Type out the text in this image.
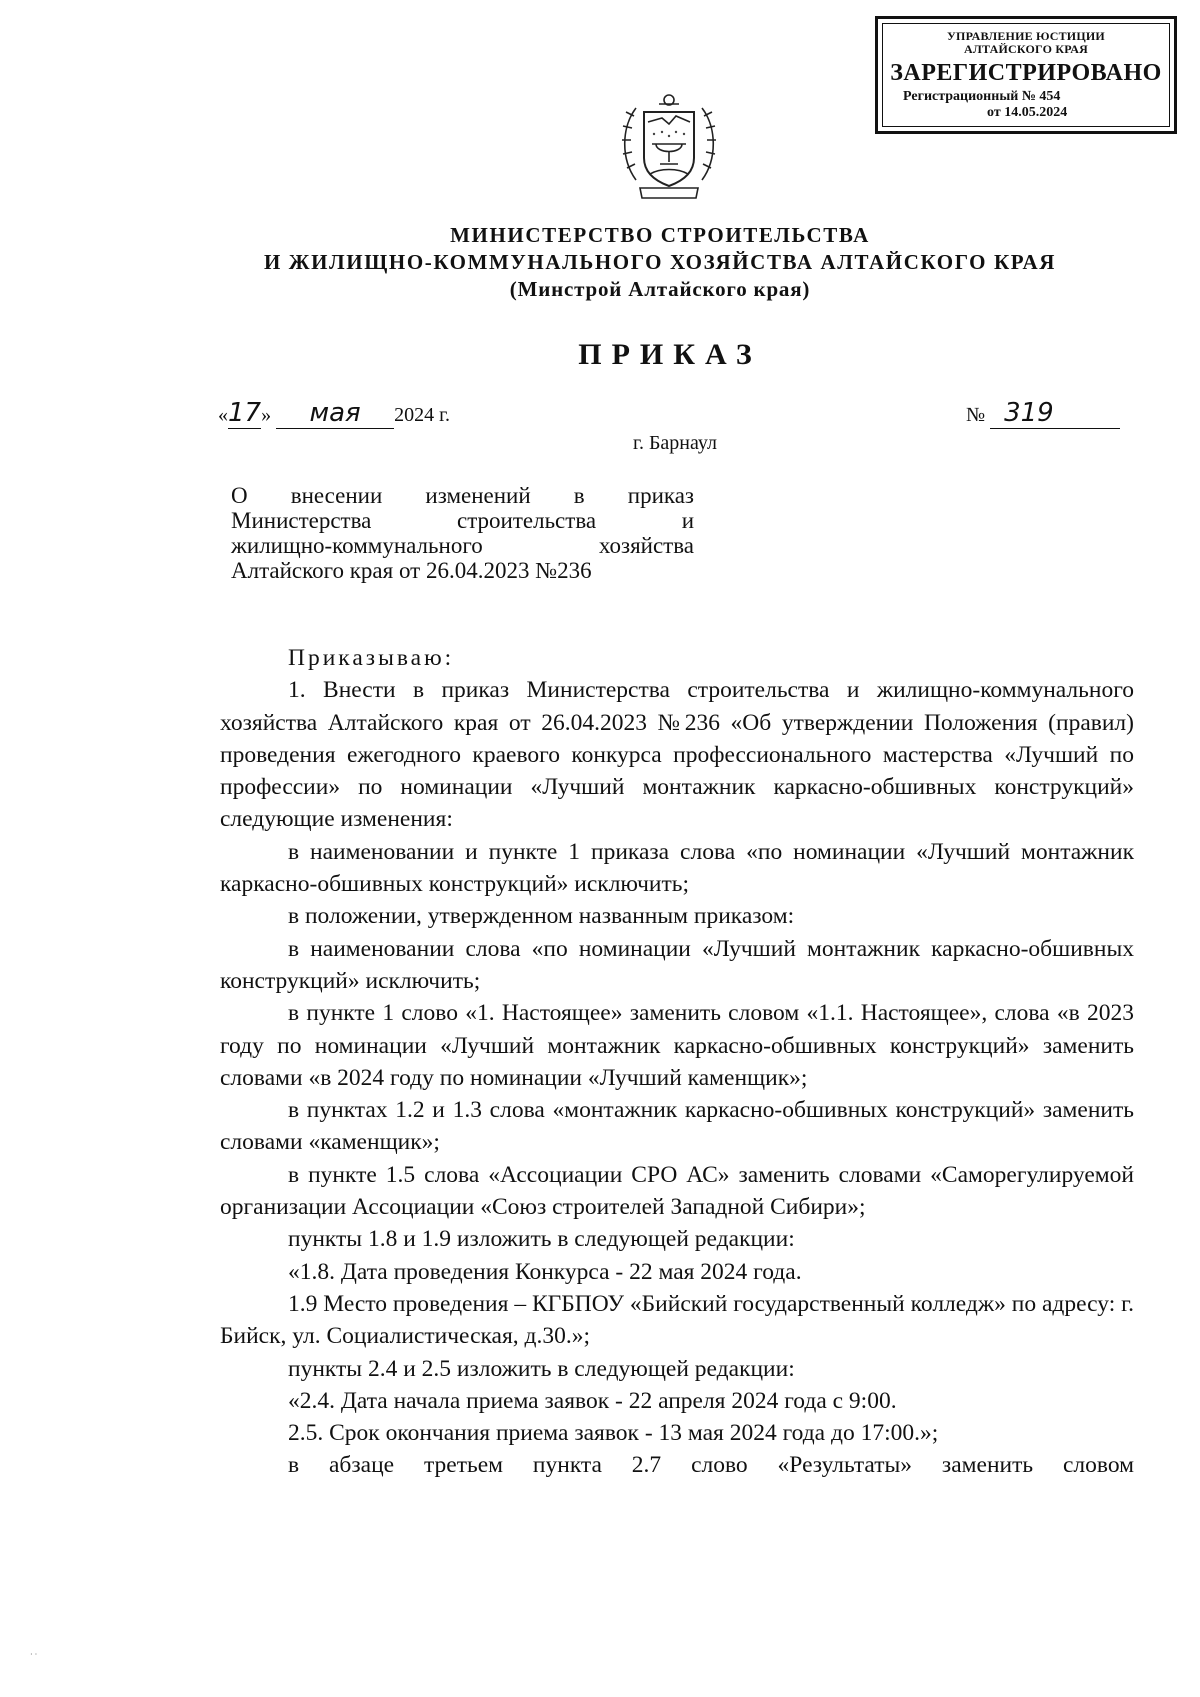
УПРАВЛЕНИЕ ЮСТИЦИИ
АЛТАЙСКОГО КРАЯ
ЗАРЕГИСТРИРОВАНО
Регистрационный № 454
от 14.05.2024
МИНИСТЕРСТВО СТРОИТЕЛЬСТВА
И ЖИЛИЩНО-КОММУНАЛЬНОГО ХОЗЯЙСТВА АЛТАЙСКОГО КРАЯ
(Минстрой Алтайского края)
ПРИКАЗ
«17» мая 2024 г.	№ 319
г. Барнаул
О внесении изменений в приказ
Министерства строительства и
жилищно-коммунального хозяйства
Алтайского края от 26.04.2023 №236

Приказываю:

1. Внести в приказ Министерства строительства и жилищно-коммунального хозяйства Алтайского края от 26.04.2023 №236 «Об утверждении Положения (правил) проведения ежегодного краевого конкурса профессионального мастерства «Лучший по профессии» по номинации «Лучший монтажник каркасно-обшивных конструкций» следующие изменения:

в наименовании и пункте 1 приказа слова «по номинации «Лучший монтажник каркасно-обшивных конструкций» исключить;

в положении, утвержденном названным приказом:

в наименовании слова «по номинации «Лучший монтажник каркасно-обшивных конструкций» исключить;

в пункте 1 слово «1. Настоящее» заменить словом «1.1. Настоящее», слова «в 2023 году по номинации «Лучший монтажник каркасно-обшивных конструкций» заменить словами «в 2024 году по номинации «Лучший каменщик»;

в пунктах 1.2 и 1.3 слова «монтажник каркасно-обшивных конструкций» заменить словами «каменщик»;

в пункте 1.5 слова «Ассоциации СРО АС» заменить словами «Саморегулируемой организации Ассоциации «Союз строителей Западной Сибири»;

пункты 1.8 и 1.9 изложить в следующей редакции:

«1.8. Дата проведения Конкурса - 22 мая 2024 года.

1.9 Место проведения – КГБПОУ «Бийский государственный колледж» по адресу: г. Бийск, ул. Социалистическая, д.30.»;

пункты 2.4 и 2.5 изложить в следующей редакции:

«2.4. Дата начала приема заявок - 22 апреля 2024 года с 9:00.

2.5. Срок окончания приема заявок - 13 мая 2024 года до 17:00.»;

в абзаце третьем пункта 2.7 слово «Результаты» заменить словом

· ·
